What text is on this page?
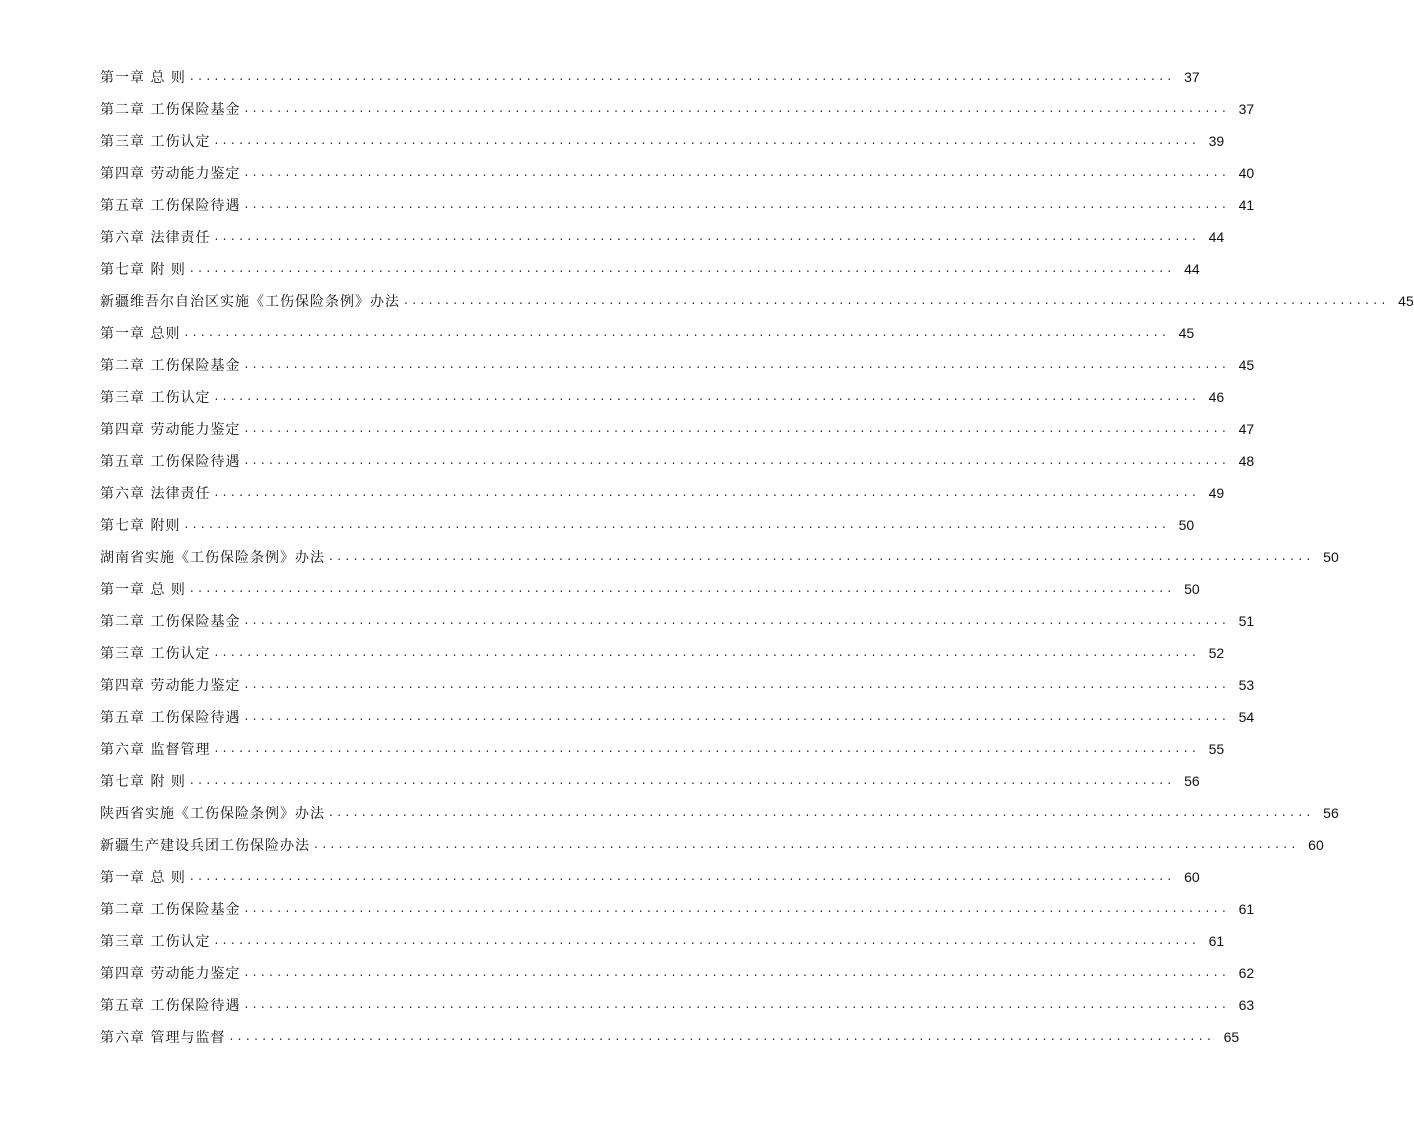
第一章 总 则 ........................................................................................................................ 37
第二章 工伤保险基金 ........................................................................................................................ 37
第三章 工伤认定 ........................................................................................................................ 39
第四章 劳动能力鉴定 ........................................................................................................................ 40
第五章 工伤保险待遇 ........................................................................................................................ 41
第六章 法律责任 ........................................................................................................................ 44
第七章 附 则 ........................................................................................................................ 44
新疆维吾尔自治区实施《工伤保险条例》办法 ........................................................................................................................ 45
第一章 总则 ........................................................................................................................ 45
第二章 工伤保险基金 ........................................................................................................................ 45
第三章 工伤认定 ........................................................................................................................ 46
第四章 劳动能力鉴定 ........................................................................................................................ 47
第五章 工伤保险待遇 ........................................................................................................................ 48
第六章 法律责任 ........................................................................................................................ 49
第七章 附则 ........................................................................................................................ 50
湖南省实施《工伤保险条例》办法 ........................................................................................................................ 50
第一章 总 则 ........................................................................................................................ 50
第二章 工伤保险基金 ........................................................................................................................ 51
第三章 工伤认定 ........................................................................................................................ 52
第四章 劳动能力鉴定 ........................................................................................................................ 53
第五章 工伤保险待遇 ........................................................................................................................ 54
第六章 监督管理 ........................................................................................................................ 55
第七章 附 则 ........................................................................................................................ 56
陕西省实施《工伤保险条例》办法 ........................................................................................................................ 56
新疆生产建设兵团工伤保险办法 ........................................................................................................................ 60
第一章 总 则 ........................................................................................................................ 60
第二章 工伤保险基金 ........................................................................................................................ 61
第三章 工伤认定 ........................................................................................................................ 61
第四章 劳动能力鉴定 ........................................................................................................................ 62
第五章 工伤保险待遇 ........................................................................................................................ 63
第六章 管理与监督 ........................................................................................................................ 65
